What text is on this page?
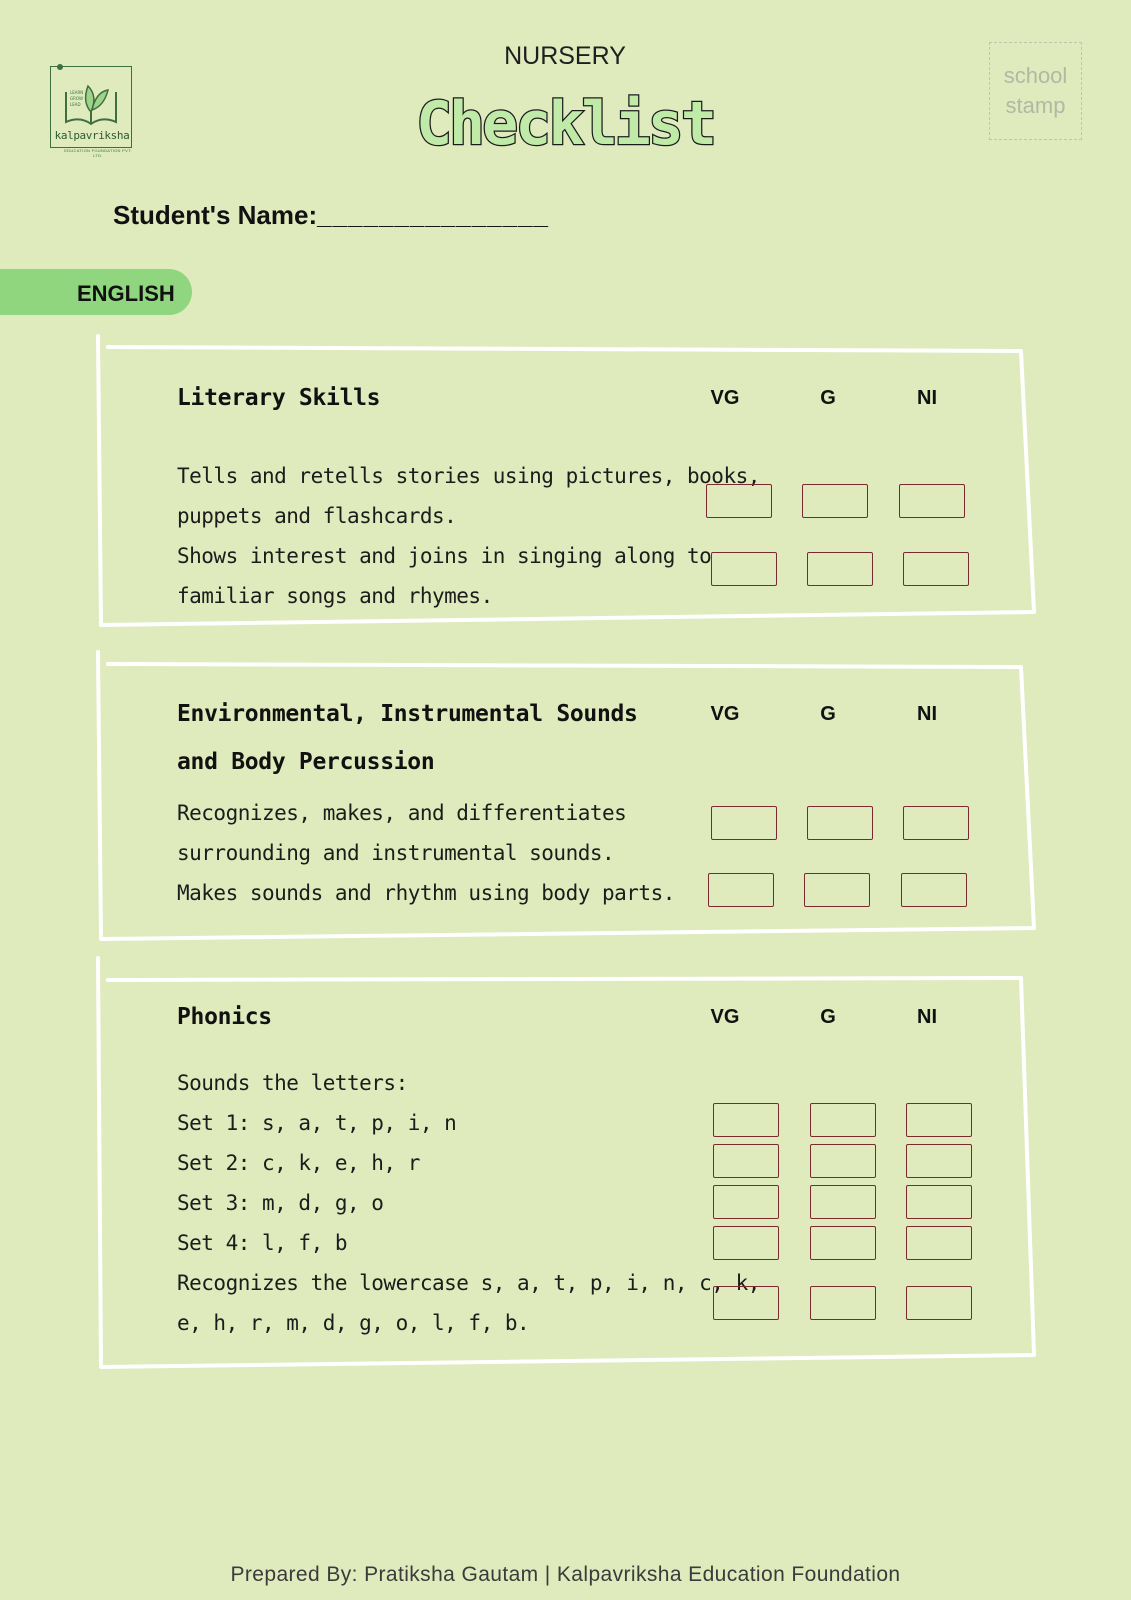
LEARN
GROW
LEAD
kalpavriksha
EDUCATION FOUNDATION PVT. LTD.
NURSERY
Checklist
school
stamp
Student's Name:_______________
ENGLISH
Literary Skills	VG	G	NI
Tells and retells stories using pictures, books,
puppets and flashcards.
Shows interest and joins in singing along to
familiar songs and rhymes.
Environmental, Instrumental Sounds
and Body Percussion
VG	G	NI
Recognizes, makes, and differentiates
surrounding and instrumental sounds.
Makes sounds and rhythm using body parts.
Phonics	VG	G	NI
Sounds the letters:
Set 1: s, a, t, p, i, n
Set 2: c, k, e, h, r
Set 3: m, d, g, o
Set 4: l, f, b
Recognizes the lowercase s, a, t, p, i, n, c, k,
e, h, r, m, d, g, o, l, f, b.
Prepared By: Pratiksha Gautam | Kalpavriksha Education Foundation
